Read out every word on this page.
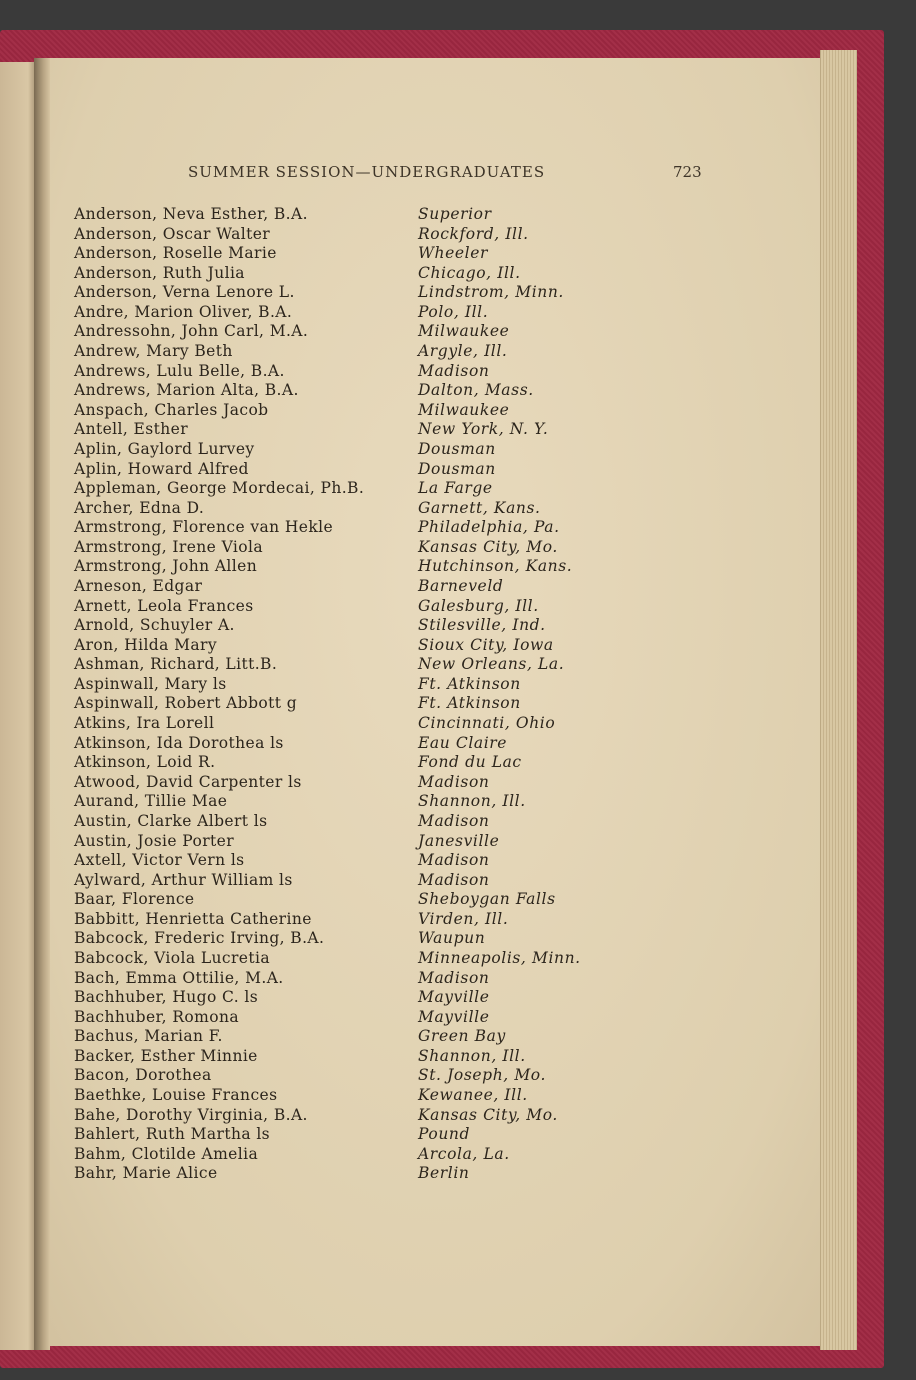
SUMMER SESSION—UNDERGRADUATES	723
Anderson, Neva Esther, B.A.	Superior
Anderson, Oscar Walter	Rockford, Ill.
Anderson, Roselle Marie	Wheeler
Anderson, Ruth Julia	Chicago, Ill.
Anderson, Verna Lenore L.	Lindstrom, Minn.
Andre, Marion Oliver, B.A.	Polo, Ill.
Andressohn, John Carl, M.A.	Milwaukee
Andrew, Mary Beth	Argyle, Ill.
Andrews, Lulu Belle, B.A.	Madison
Andrews, Marion Alta, B.A.	Dalton, Mass.
Anspach, Charles Jacob	Milwaukee
Antell, Esther	New York, N. Y.
Aplin, Gaylord Lurvey	Dousman
Aplin, Howard Alfred	Dousman
Appleman, George Mordecai, Ph.B.	La Farge
Archer, Edna D.	Garnett, Kans.
Armstrong, Florence van Hekle	Philadelphia, Pa.
Armstrong, Irene Viola	Kansas City, Mo.
Armstrong, John Allen	Hutchinson, Kans.
Arneson, Edgar	Barneveld
Arnett, Leola Frances	Galesburg, Ill.
Arnold, Schuyler A.	Stilesville, Ind.
Aron, Hilda Mary	Sioux City, Iowa
Ashman, Richard, Litt.B.	New Orleans, La.
Aspinwall, Mary ls	Ft. Atkinson
Aspinwall, Robert Abbott g	Ft. Atkinson
Atkins, Ira Lorell	Cincinnati, Ohio
Atkinson, Ida Dorothea ls	Eau Claire
Atkinson, Loid R.	Fond du Lac
Atwood, David Carpenter ls	Madison
Aurand, Tillie Mae	Shannon, Ill.
Austin, Clarke Albert ls	Madison
Austin, Josie Porter	Janesville
Axtell, Victor Vern ls	Madison
Aylward, Arthur William ls	Madison
Baar, Florence	Sheboygan Falls
Babbitt, Henrietta Catherine	Virden, Ill.
Babcock, Frederic Irving, B.A.	Waupun
Babcock, Viola Lucretia	Minneapolis, Minn.
Bach, Emma Ottilie, M.A.	Madison
Bachhuber, Hugo C. ls	Mayville
Bachhuber, Romona	Mayville
Bachus, Marian F.	Green Bay
Backer, Esther Minnie	Shannon, Ill.
Bacon, Dorothea	St. Joseph, Mo.
Baethke, Louise Frances	Kewanee, Ill.
Bahe, Dorothy Virginia, B.A.	Kansas City, Mo.
Bahlert, Ruth Martha ls	Pound
Bahm, Clotilde Amelia	Arcola, La.
Bahr, Marie Alice	Berlin
